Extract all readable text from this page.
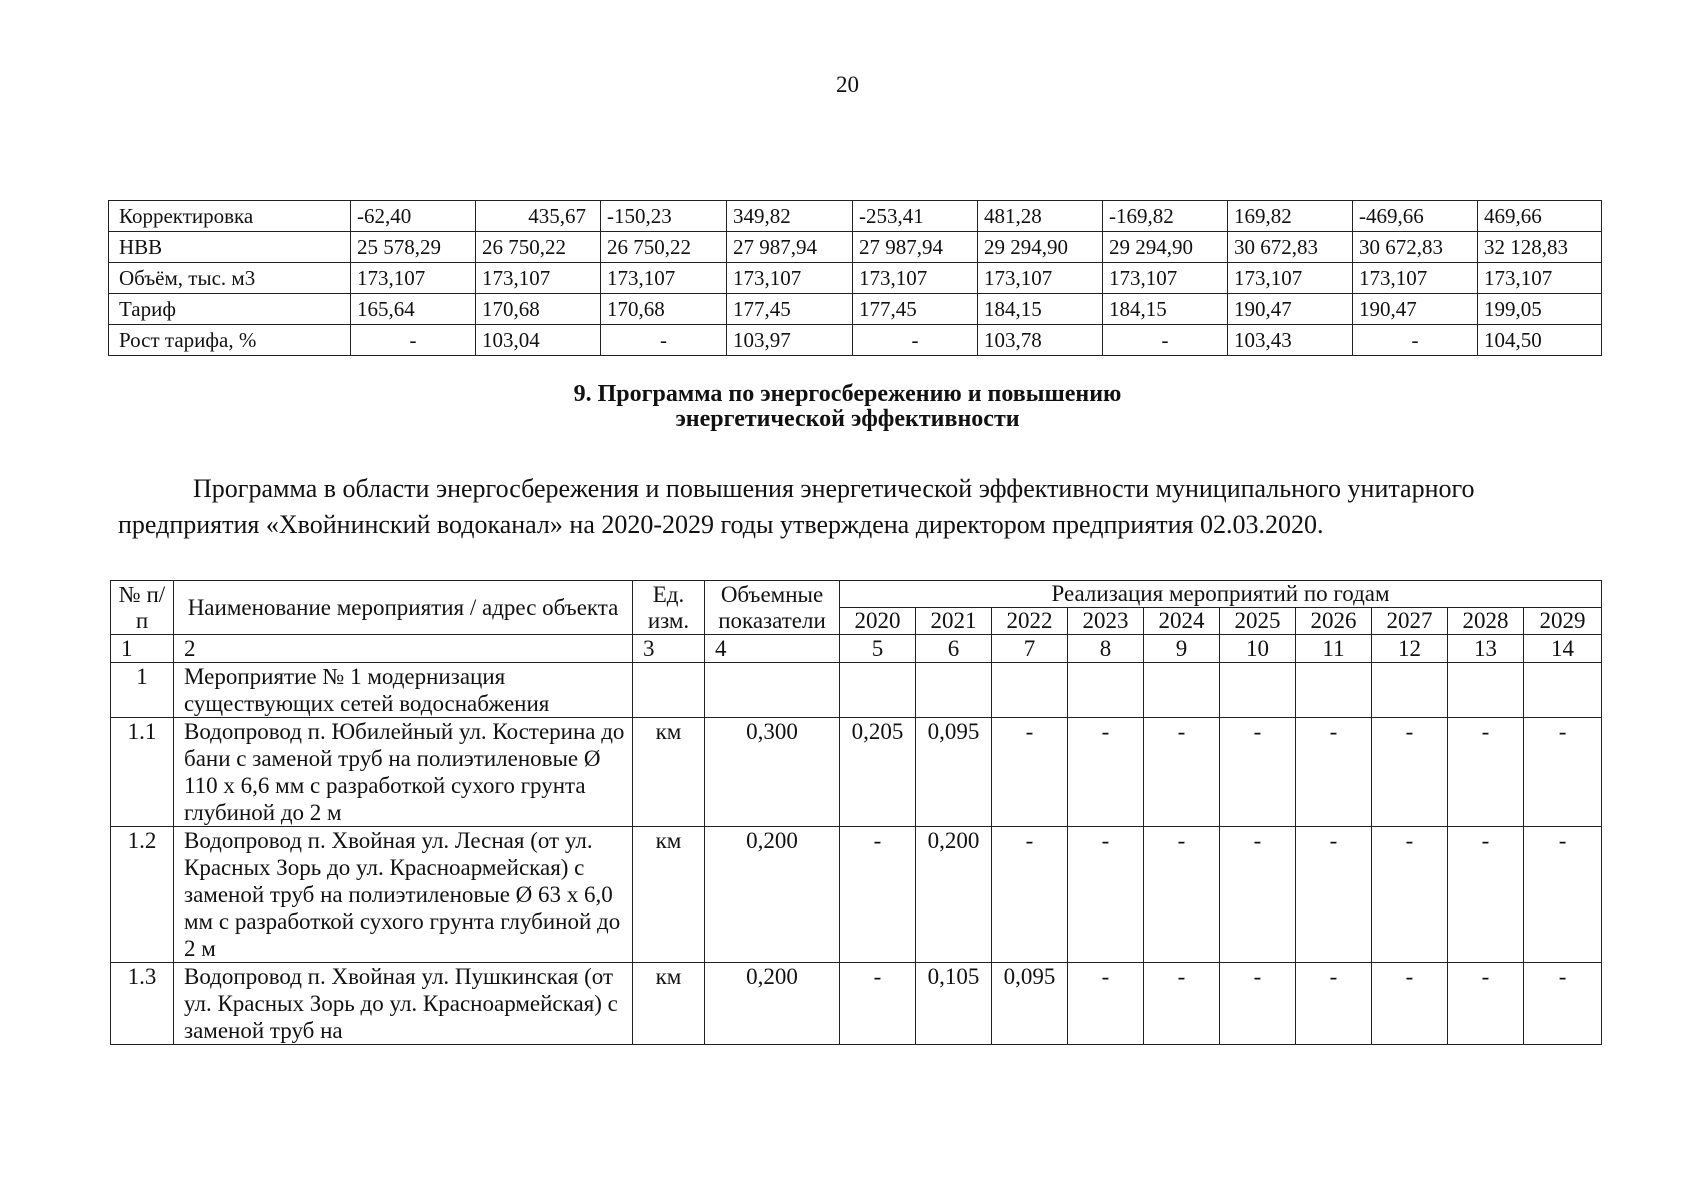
20
Корректировка	-62,40	435,67	-150,23	349,82	-253,41	481,28	-169,82	169,82	-469,66	469,66
НВВ	25 578,29	26 750,22	26 750,22	27 987,94	27 987,94	29 294,90	29 294,90	30 672,83	30 672,83	32 128,83
Объём, тыс. м3	173,107	173,107	173,107	173,107	173,107	173,107	173,107	173,107	173,107	173,107
Тариф	165,64	170,68	170,68	177,45	177,45	184,15	184,15	190,47	190,47	199,05
Рост тарифа, %	-	103,04	-	103,97	-	103,78	-	103,43	-	104,50
9. Программа по энергосбережению и повышению
энергетической эффективности

Программа в области энергосбережения и повышения энергетической эффективности муниципального унитарного предприятия «Хвойнинский водоканал» на 2020-2029 годы утверждена директором предприятия 02.03.2020.

№ п/п	Наименование мероприятия / адрес объекта	Ед. изм.	Объемные показатели	Реализация мероприятий по годам									
				2020	2021	2022	2023	2024	2025	2026	2027	2028	2029
1	2	3	4	5	6	7	8	9	10	11	12	13	14
1	Мероприятие № 1 модернизация существующих сетей водоснабжения												
1.1	Водопровод п. Юбилейный ул. Костерина до бани с заменой труб на полиэтиленовые Ø 110 х 6,6 мм с разработкой сухого грунта глубиной до 2 м	км	0,300	0,205	0,095	-	-	-	-	-	-	-	-
1.2	Водопровод п. Хвойная ул. Лесная (от ул. Красных Зорь до ул. Красноармейская) с заменой труб на полиэтиленовые Ø 63 х 6,0 мм с разработкой сухого грунта глубиной до 2 м	км	0,200	-	0,200	-	-	-	-	-	-	-	-
1.3	Водопровод п. Хвойная ул. Пушкинская (от ул. Красных Зорь до ул. Красноармейская) с заменой труб на	км	0,200	-	0,105	0,095	-	-	-	-	-	-	-
